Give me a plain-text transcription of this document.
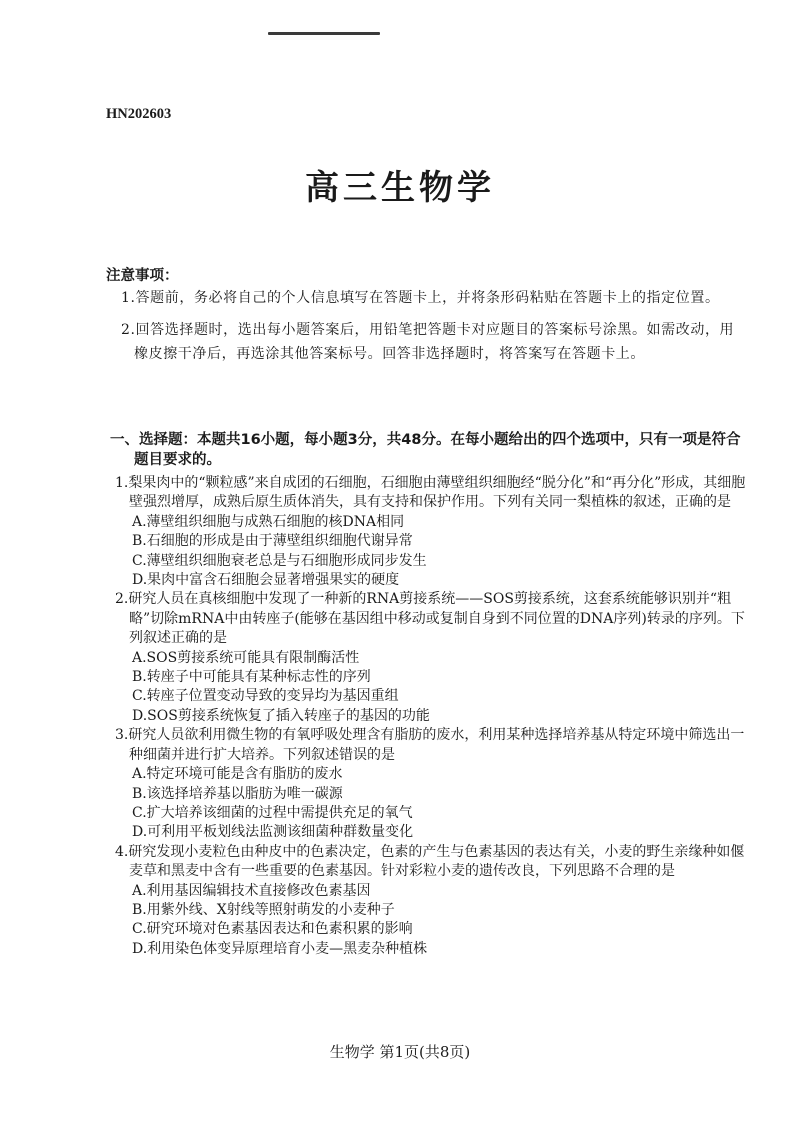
HN202603
高三生物学
注意事项：
1.答题前，务必将自己的个人信息填写在答题卡上，并将条形码粘贴在答题卡上的指定位置。
2.回答选择题时，选出每小题答案后，用铅笔把答题卡对应题目的答案标号涂黑。如需改动，用橡皮擦干净后，再选涂其他答案标号。回答非选择题时，将答案写在答题卡上。
一、选择题：本题共16小题，每小题3分，共48分。在每小题给出的四个选项中，只有一项是符合题目要求的。
1.梨果肉中的“颗粒感”来自成团的石细胞，石细胞由薄壁组织细胞经“脱分化”和“再分化”形成，其细胞壁强烈增厚，成熟后原生质体消失，具有支持和保护作用。下列有关同一梨植株的叙述，正确的是
A.薄壁组织细胞与成熟石细胞的核DNA相同
B.石细胞的形成是由于薄壁组织细胞代谢异常
C.薄壁组织细胞衰老总是与石细胞形成同步发生
D.果肉中富含石细胞会显著增强果实的硬度
2.研究人员在真核细胞中发现了一种新的RNA剪接系统——SOS剪接系统，这套系统能够识别并“粗略”切除mRNA中由转座子(能够在基因组中移动或复制自身到不同位置的DNA序列)转录的序列。下列叙述正确的是
A.SOS剪接系统可能具有限制酶活性
B.转座子中可能具有某种标志性的序列
C.转座子位置变动导致的变异均为基因重组
D.SOS剪接系统恢复了插入转座子的基因的功能
3.研究人员欲利用微生物的有氧呼吸处理含有脂肪的废水，利用某种选择培养基从特定环境中筛选出一种细菌并进行扩大培养。下列叙述错误的是
A.特定环境可能是含有脂肪的废水
B.该选择培养基以脂肪为唯一碳源
C.扩大培养该细菌的过程中需提供充足的氧气
D.可利用平板划线法监测该细菌种群数量变化
4.研究发现小麦粒色由种皮中的色素决定，色素的产生与色素基因的表达有关，小麦的野生亲缘种如偃麦草和黑麦中含有一些重要的色素基因。针对彩粒小麦的遗传改良，下列思路不合理的是
A.利用基因编辑技术直接修改色素基因
B.用紫外线、X射线等照射萌发的小麦种子
C.研究环境对色素基因表达和色素积累的影响
D.利用染色体变异原理培育小麦—黑麦杂种植株
生物学 第1页(共8页)
